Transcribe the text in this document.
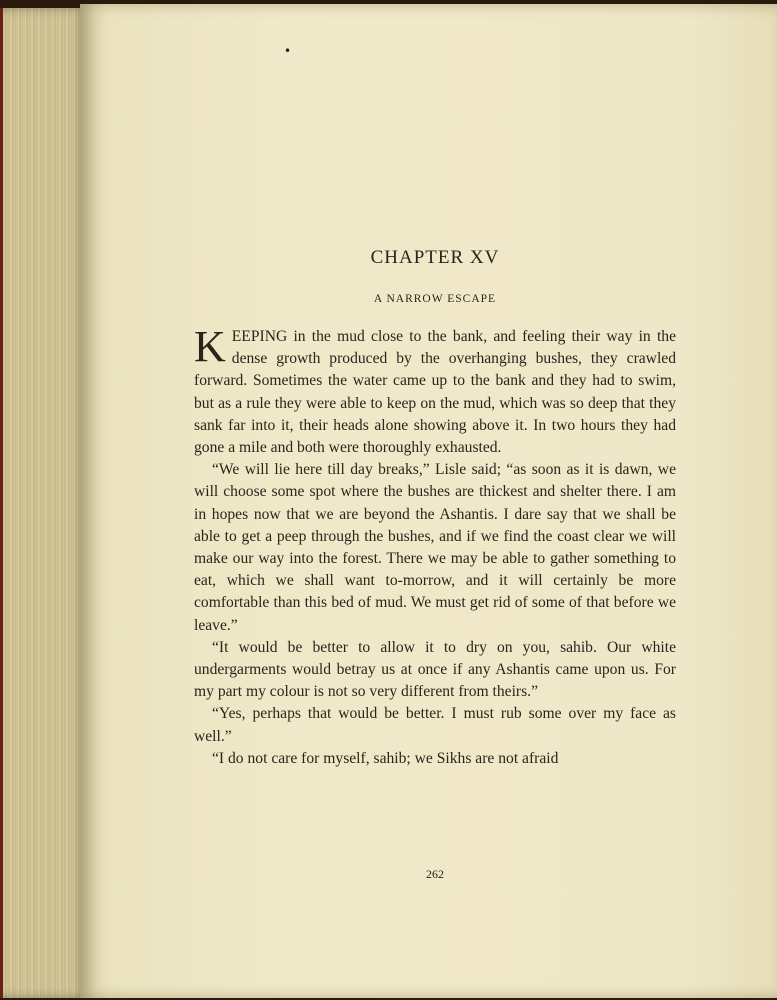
•
CHAPTER XV
A NARROW ESCAPE

KEEPING in the mud close to the bank, and feeling their way in the dense growth produced by the overhanging bushes, they crawled forward. Sometimes the water came up to the bank and they had to swim, but as a rule they were able to keep on the mud, which was so deep that they sank far into it, their heads alone showing above it. In two hours they had gone a mile and both were thoroughly exhausted.

“We will lie here till day breaks,” Lisle said; “as soon as it is dawn, we will choose some spot where the bushes are thickest and shelter there. I am in hopes now that we are beyond the Ashantis. I dare say that we shall be able to get a peep through the bushes, and if we find the coast clear we will make our way into the forest. There we may be able to gather something to eat, which we shall want to-morrow, and it will certainly be more comfortable than this bed of mud. We must get rid of some of that before we leave.”

“It would be better to allow it to dry on you, sahib. Our white undergarments would betray us at once if any Ashantis came upon us. For my part my colour is not so very different from theirs.”

“Yes, perhaps that would be better. I must rub some over my face as well.”

“I do not care for myself, sahib; we Sikhs are not afraid

262
